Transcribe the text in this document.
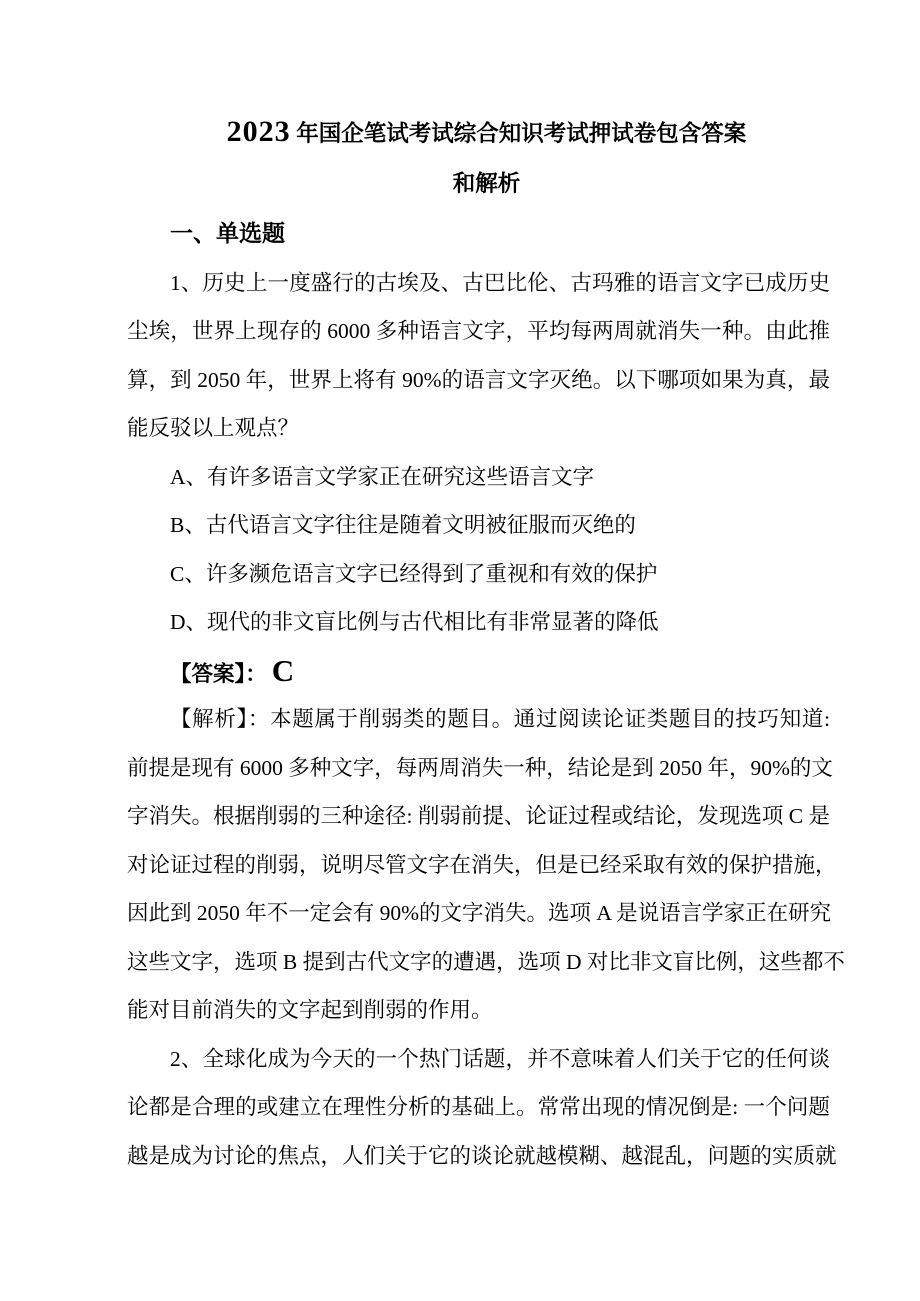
2023 年国企笔试考试综合知识考试押试卷包含答案
和解析
一、单选题
1、历史上一度盛行的古埃及、古巴比伦、古玛雅的语言文字已成历史
尘埃，世界上现存的 6000 多种语言文字，平均每两周就消失一种。由此推
算，到 2050 年，世界上将有 90%的语言文字灭绝。以下哪项如果为真，最
能反驳以上观点？
A、有许多语言文学家正在研究这些语言文字
B、古代语言文字往往是随着文明被征服而灭绝的
C、许多濒危语言文字已经得到了重视和有效的保护
D、现代的非文盲比例与古代相比有非常显著的降低
【答案】： C
【解析】：本题属于削弱类的题目。通过阅读论证类题目的技巧知道:
前提是现有 6000 多种文字，每两周消失一种，结论是到 2050 年，90%的文
字消失。根据削弱的三种途径: 削弱前提、论证过程或结论，发现选项 C 是
对论证过程的削弱，说明尽管文字在消失，但是已经采取有效的保护措施，
因此到 2050 年不一定会有 90%的文字消失。选项 A 是说语言学家正在研究
这些文字，选项 B 提到古代文字的遭遇，选项 D 对比非文盲比例，这些都不
能对目前消失的文字起到削弱的作用。
2、全球化成为今天的一个热门话题，并不意味着人们关于它的任何谈
论都是合理的或建立在理性分析的基础上。常常出现的情况倒是: 一个问题
越是成为讨论的焦点，人们关于它的谈论就越模糊、越混乱，问题的实质就
